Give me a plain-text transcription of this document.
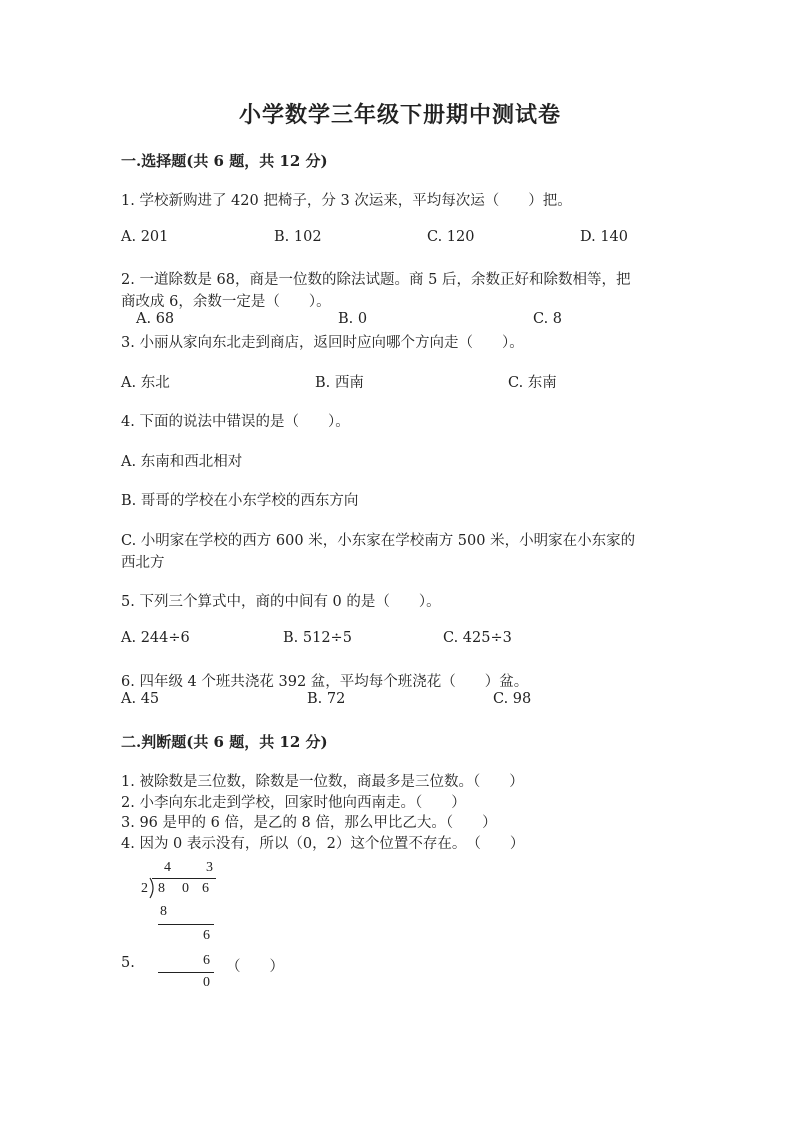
小学数学三年级下册期中测试卷
一.选择题(共 6 题，共 12 分)
1. 学校新购进了 420 把椅子，分 3 次运来，平均每次运（　　）把。
A. 201	B. 102	C. 120	D. 140
2. 一道除数是 68，商是一位数的除法试题。商 5 后，余数正好和除数相等，把
商改成 6，余数一定是（　　）。
A. 68	B. 0	C. 8
3. 小丽从家向东北走到商店，返回时应向哪个方向走（　　）。
A. 东北	B. 西南	C. 东南
4. 下面的说法中错误的是（　　）。
A. 东南和西北相对
B. 哥哥的学校在小东学校的西东方向
C. 小明家在学校的西方 600 米，小东家在学校南方 500 米，小明家在小东家的
西北方
5. 下列三个算式中，商的中间有 0 的是（　　）。
A. 244÷6	B. 512÷5	C. 425÷3
6. 四年级 4 个班共浇花 392 盆，平均每个班浇花（　　）盆。
A. 45	B. 72	C. 98
二.判断题(共 6 题，共 12 分)
1. 被除数是三位数，除数是一位数，商最多是三位数。（　　）
2. 小李向东北走到学校，回家时他向西南走。（　　）
3. 96 是甲的 6 倍，是乙的 8 倍，那么甲比乙大。（　　）
4. 因为 0 表示没有，所以（0，2）这个位置不存在。　（　　）
4	3
2 8 0 6
8
6
5.	6 （　　）
0
